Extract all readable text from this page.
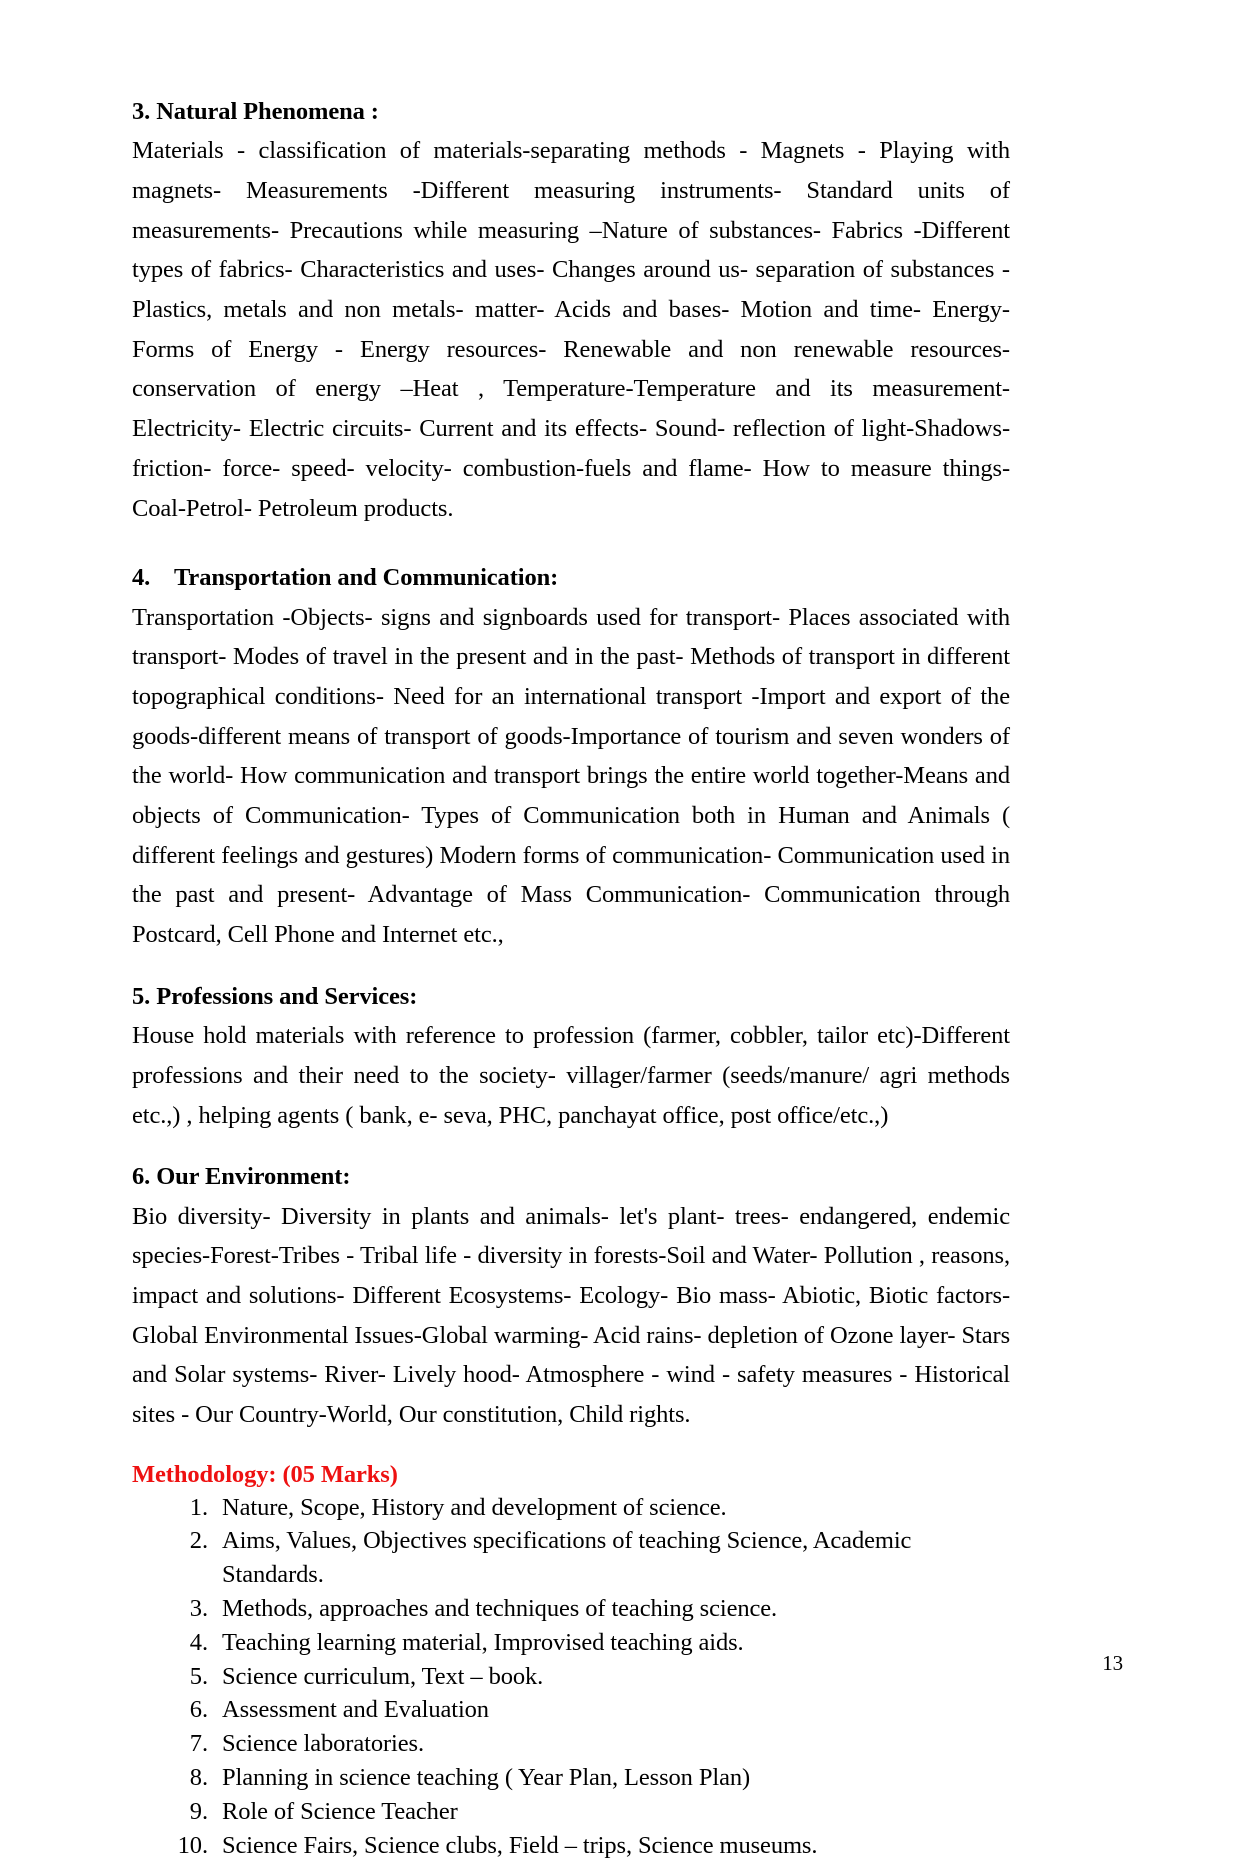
3. Natural Phenomena :

Materials - classification of materials-separating methods - Magnets - Playing with magnets- Measurements -Different measuring instruments- Standard units of measurements- Precautions while measuring –Nature of substances- Fabrics -Different types of fabrics- Characteristics and uses- Changes around us- separation of substances -Plastics, metals and non metals- matter- Acids and bases- Motion and time- Energy- Forms of Energy - Energy resources- Renewable and non renewable resources-conservation of energy –Heat , Temperature-Temperature and its measurement- Electricity- Electric circuits- Current and its effects- Sound- reflection of light-Shadows- friction- force- speed- velocity- combustion-fuels and flame- How to measure things- Coal-Petrol- Petroleum products.

4. Transportation and Communication:

Transportation -Objects- signs and signboards used for transport- Places associated with transport- Modes of travel in the present and in the past- Methods of transport in different topographical conditions- Need for an international transport -Import and export of the goods-different means of transport of goods-Importance of tourism and seven wonders of the world- How communication and transport brings the entire world together-Means and objects of Communication- Types of Communication both in Human and Animals ( different feelings and gestures) Modern forms of communication- Communication used in the past and present- Advantage of Mass Communication- Communication through Postcard, Cell Phone and Internet etc.,

5. Professions and Services:

House hold materials with reference to profession (farmer, cobbler, tailor etc)-Different professions and their need to the society- villager/farmer (seeds/manure/ agri methods etc.,) , helping agents ( bank, e- seva, PHC, panchayat office, post office/etc.,)

6. Our Environment:

Bio diversity- Diversity in plants and animals- let's plant- trees- endangered, endemic species-Forest-Tribes - Tribal life - diversity in forests-Soil and Water- Pollution , reasons, impact and solutions- Different Ecosystems- Ecology- Bio mass- Abiotic, Biotic factors- Global Environmental Issues-Global warming- Acid rains- depletion of Ozone layer- Stars and Solar systems- River- Lively hood- Atmosphere - wind - safety measures - Historical sites - Our Country-World, Our constitution, Child rights.

Methodology: (05 Marks)
1. Nature, Scope, History and development of science.
2. Aims, Values, Objectives specifications of teaching Science, Academic Standards.
3. Methods, approaches and techniques of teaching science.
4. Teaching learning material, Improvised teaching aids.
5. Science curriculum, Text – book.
6. Assessment and Evaluation
7. Science laboratories.
8. Planning in science teaching ( Year Plan, Lesson Plan)
9. Role of Science Teacher
10. Science Fairs, Science clubs, Field – trips, Science museums.
13
